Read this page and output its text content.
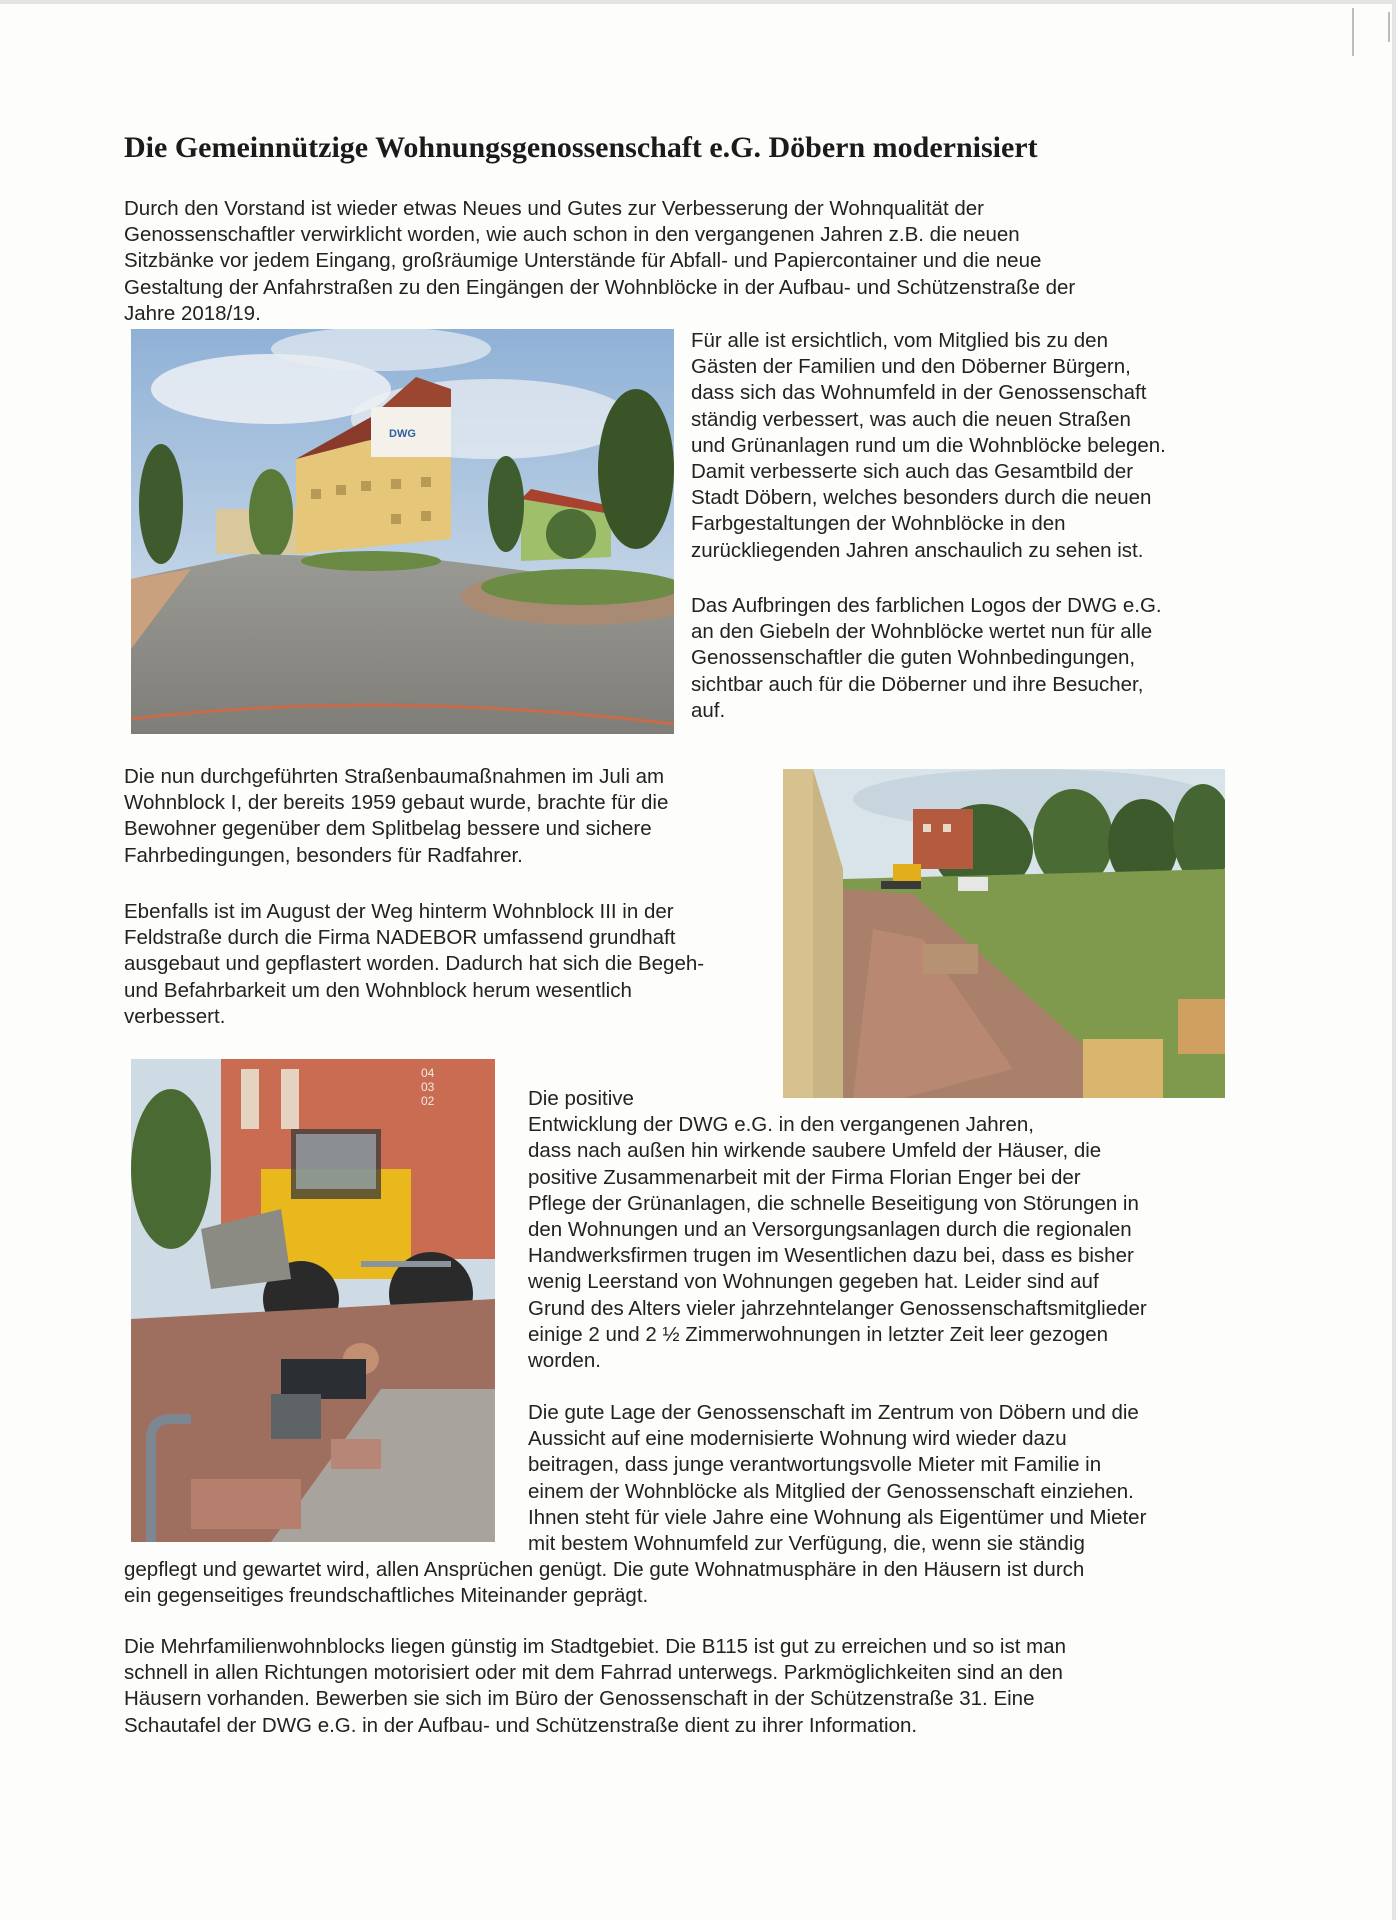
Die Gemeinnützige Wohnungsgenossenschaft e.G. Döbern modernisiert
Durch den Vorstand ist wieder etwas Neues und Gutes zur Verbesserung der Wohnqualität der
Genossenschaftler verwirklicht worden, wie auch schon in den vergangenen Jahren z.B. die neuen
Sitzbänke vor jedem Eingang, großräumige Unterstände für Abfall- und Papiercontainer und die neue
Gestaltung der Anfahrstraßen zu den Eingängen der Wohnblöcke in der Aufbau- und Schützenstraße der
Jahre 2018/19.
DWG
Für alle ist ersichtlich, vom Mitglied bis zu den
Gästen der Familien und den Döberner Bürgern,
dass sich das Wohnumfeld in der Genossenschaft
ständig verbessert, was auch die neuen Straßen
und Grünanlagen rund um die Wohnblöcke belegen.
Damit verbesserte sich auch das Gesamtbild der
Stadt Döbern, welches besonders durch die neuen
Farbgestaltungen der Wohnblöcke in den
zurückliegenden Jahren anschaulich zu sehen ist.
Das Aufbringen des farblichen Logos der DWG e.G.
an den Giebeln der Wohnblöcke wertet nun für alle
Genossenschaftler die guten Wohnbedingungen,
sichtbar auch für die Döberner und ihre Besucher,
auf.
Die nun durchgeführten Straßenbaumaßnahmen im Juli am
Wohnblock I, der bereits 1959 gebaut wurde, brachte für die
Bewohner gegenüber dem Splitbelag bessere und sichere
Fahrbedingungen, besonders für Radfahrer.
Ebenfalls ist im August der Weg hinterm Wohnblock III in der
Feldstraße durch die Firma NADEBOR umfassend grundhaft
ausgebaut und gepflastert worden. Dadurch hat sich die Begeh-
und Befahrbarkeit um den Wohnblock herum wesentlich
verbessert.
04
03
02	Die positive
Entwicklung der DWG e.G. in den vergangenen Jahren,
dass nach außen hin wirkende saubere Umfeld der Häuser, die
positive Zusammenarbeit mit der Firma Florian Enger bei der
Pflege der Grünanlagen, die schnelle Beseitigung von Störungen in
den Wohnungen und an Versorgungsanlagen durch die regionalen
Handwerksfirmen trugen im Wesentlichen dazu bei, dass es bisher
wenig Leerstand von Wohnungen gegeben hat. Leider sind auf
Grund des Alters vieler jahrzehntelanger Genossenschaftsmitglieder
einige 2 und 2 ½ Zimmerwohnungen in letzter Zeit leer gezogen
worden.
Die gute Lage der Genossenschaft im Zentrum von Döbern und die
Aussicht auf eine modernisierte Wohnung wird wieder dazu
beitragen, dass junge verantwortungsvolle Mieter mit Familie in
einem der Wohnblöcke als Mitglied der Genossenschaft einziehen.
Ihnen steht für viele Jahre eine Wohnung als Eigentümer und Mieter
mit bestem Wohnumfeld zur Verfügung, die, wenn sie ständig
gepflegt und gewartet wird, allen Ansprüchen genügt. Die gute Wohnatmusphäre in den Häusern ist durch
ein gegenseitiges freundschaftliches Miteinander geprägt.
Die Mehrfamilienwohnblocks liegen günstig im Stadtgebiet. Die B115 ist gut zu erreichen und so ist man
schnell in allen Richtungen motorisiert oder mit dem Fahrrad unterwegs. Parkmöglichkeiten sind an den
Häusern vorhanden. Bewerben sie sich im Büro der Genossenschaft in der Schützenstraße 31. Eine
Schautafel der DWG e.G. in der Aufbau- und Schützenstraße dient zu ihrer Information.
